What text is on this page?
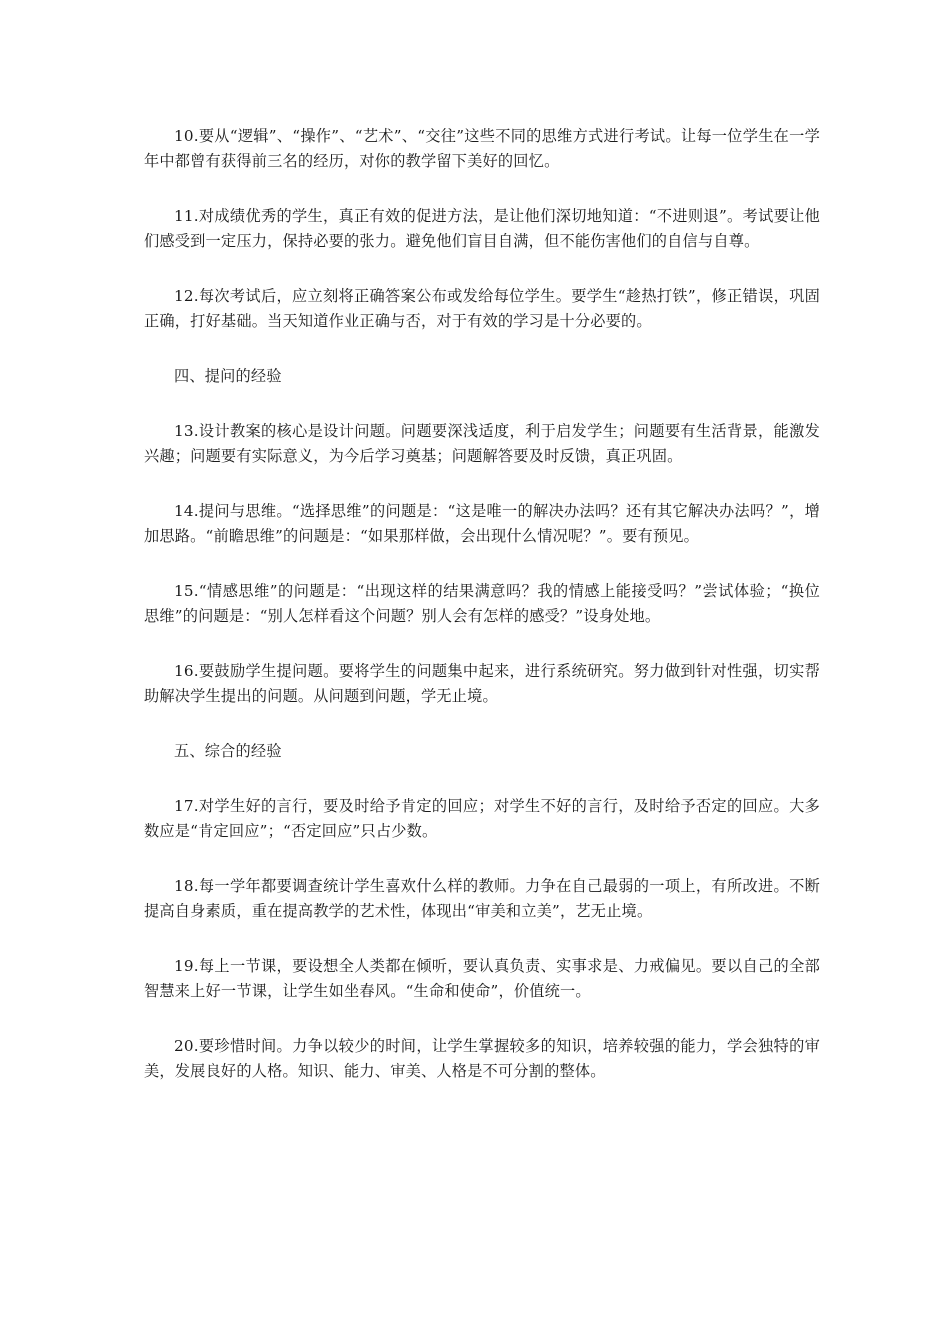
10.要从“逻辑”、“操作”、“艺术”、“交往”这些不同的思维方式进行考试。让每一位学生在一学年中都曾有获得前三名的经历，对你的教学留下美好的回忆。

11.对成绩优秀的学生，真正有效的促进方法，是让他们深切地知道：“不进则退”。考试要让他们感受到一定压力，保持必要的张力。避免他们盲目自满，但不能伤害他们的自信与自尊。

12.每次考试后，应立刻将正确答案公布或发给每位学生。要学生“趁热打铁”，修正错误，巩固正确，打好基础。当天知道作业正确与否，对于有效的学习是十分必要的。

四、提问的经验

13.设计教案的核心是设计问题。问题要深浅适度，利于启发学生；问题要有生活背景，能激发兴趣；问题要有实际意义，为今后学习奠基；问题解答要及时反馈，真正巩固。

14.提问与思维。“选择思维”的问题是：“这是唯一的解决办法吗？还有其它解决办法吗？”，增加思路。“前瞻思维”的问题是：“如果那样做，会出现什么情况呢？”。要有预见。

15.“情感思维”的问题是：“出现这样的结果满意吗？我的情感上能接受吗？”尝试体验；“换位思维”的问题是：“别人怎样看这个问题？别人会有怎样的感受？”设身处地。

16.要鼓励学生提问题。要将学生的问题集中起来，进行系统研究。努力做到针对性强，切实帮助解决学生提出的问题。从问题到问题，学无止境。

五、综合的经验

17.对学生好的言行，要及时给予肯定的回应；对学生不好的言行，及时给予否定的回应。大多数应是“肯定回应”；“否定回应”只占少数。

18.每一学年都要调查统计学生喜欢什么样的教师。力争在自己最弱的一项上，有所改进。不断提高自身素质，重在提高教学的艺术性，体现出“审美和立美”，艺无止境。

19.每上一节课，要设想全人类都在倾听，要认真负责、实事求是、力戒偏见。要以自己的全部智慧来上好一节课，让学生如坐春风。“生命和使命”，价值统一。

20.要珍惜时间。力争以较少的时间，让学生掌握较多的知识，培养较强的能力，学会独特的审美，发展良好的人格。知识、能力、审美、人格是不可分割的整体。
